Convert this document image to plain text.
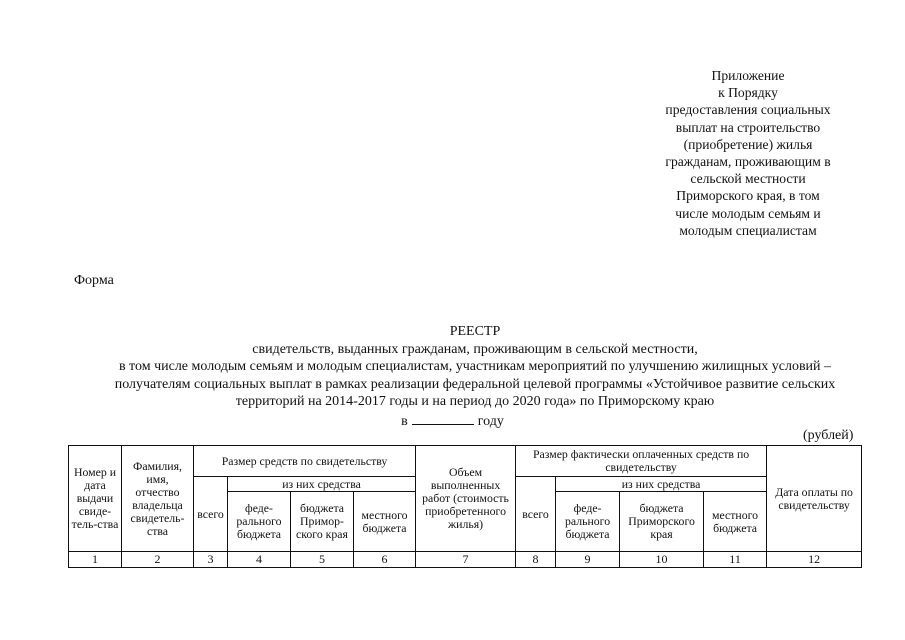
Приложение
к Порядку
предоставления социальных
выплат на строительство
(приобретение) жилья
гражданам, проживающим в
сельской местности
Приморского края, в том
числе молодым семьям и
молодым специалистам
Форма
РЕЕСТР
свидетельств, выданных гражданам, проживающим в сельской местности,
в том числе молодым семьям и молодым специалистам, участникам мероприятий по улучшению жилищных условий –
получателям социальных выплат в рамках реализации федеральной целевой программы «Устойчивое развитие сельских
территорий на 2014-2017 годы и на период до 2020 года» по Приморскому краю
в	году
(рублей)
Номер и дата выдачи свиде-тель-ства	Фамилия, имя, отчество владельца свидетель-ства	Размер средств по свидетельству				Объем выполненных работ (стоимость приобретенного жилья)	Размер фактически оплаченных средств по свидетельству				Дата оплаты по свидетельству
		всего	из них средства				всего	из них средства			
			феде-рального бюджета	бюджета Примор-ского края	местного бюджета			феде-рального бюджета	бюджета Приморского края	местного бюджета	
1	2	3	4	5	6	7	8	9	10	11	12
